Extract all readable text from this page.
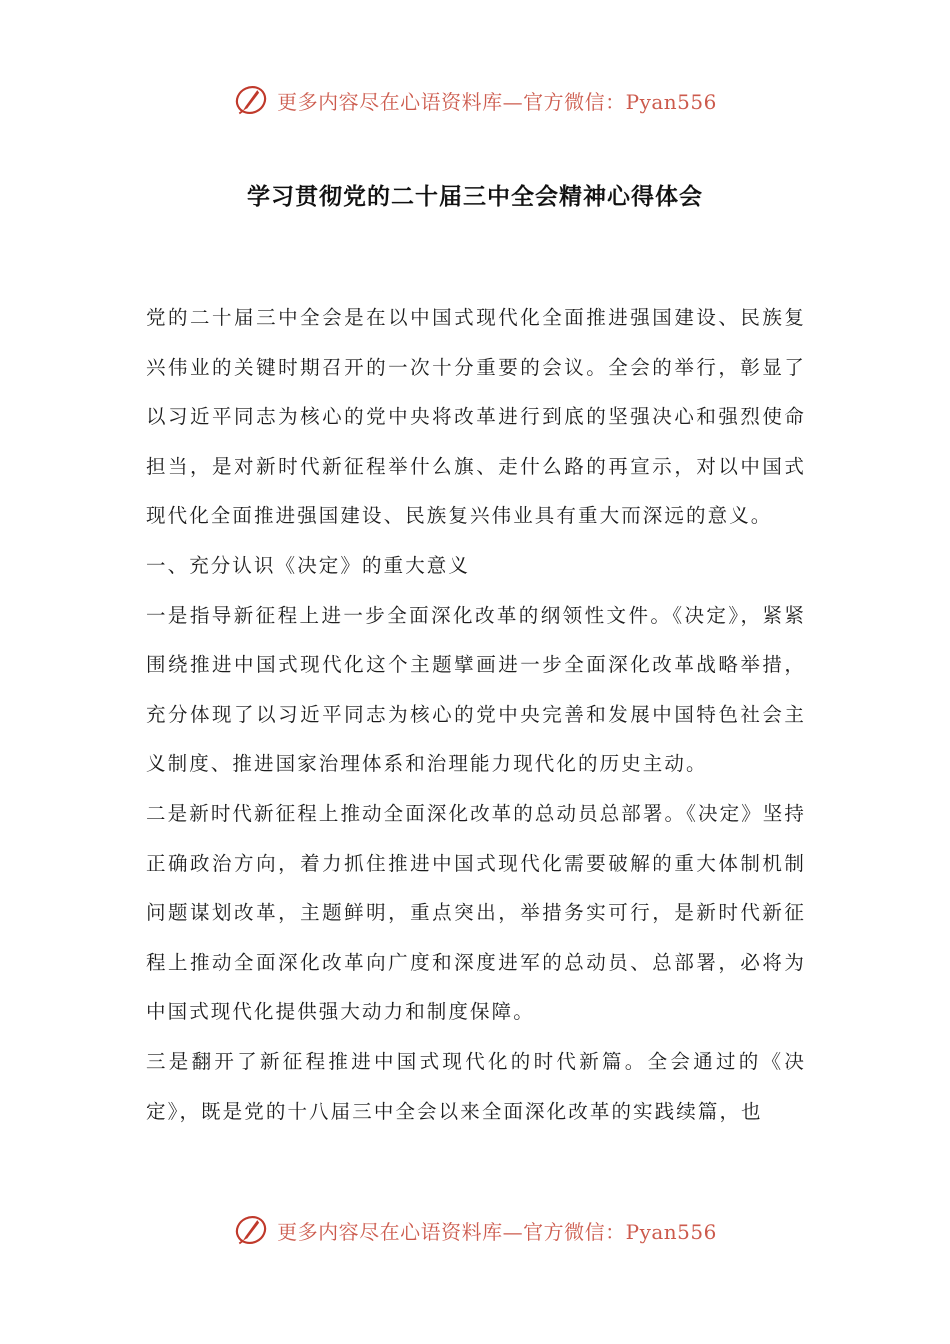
更多内容尽在心语资料库—官方微信：Pyan556
学习贯彻党的二十届三中全会精神心得体会

党的二十届三中全会是在以中国式现代化全面推进强国建设、民族复兴伟业的关键时期召开的一次十分重要的会议。全会的举行，彰显了以习近平同志为核心的党中央将改革进行到底的坚强决心和强烈使命担当，是对新时代新征程举什么旗、走什么路的再宣示，对以中国式现代化全面推进强国建设、民族复兴伟业具有重大而深远的意义。

一、充分认识《决定》的重大意义

一是指导新征程上进一步全面深化改革的纲领性文件。《决定》，紧紧围绕推进中国式现代化这个主题擘画进一步全面深化改革战略举措，充分体现了以习近平同志为核心的党中央完善和发展中国特色社会主义制度、推进国家治理体系和治理能力现代化的历史主动。

二是新时代新征程上推动全面深化改革的总动员总部署。《决定》坚持正确政治方向，着力抓住推进中国式现代化需要破解的重大体制机制问题谋划改革，主题鲜明，重点突出，举措务实可行，是新时代新征程上推动全面深化改革向广度和深度进军的总动员、总部署，必将为中国式现代化提供强大动力和制度保障。

三是翻开了新征程推进中国式现代化的时代新篇。全会通过的《决定》，既是党的十八届三中全会以来全面深化改革的实践续篇，也

更多内容尽在心语资料库—官方微信：Pyan556
